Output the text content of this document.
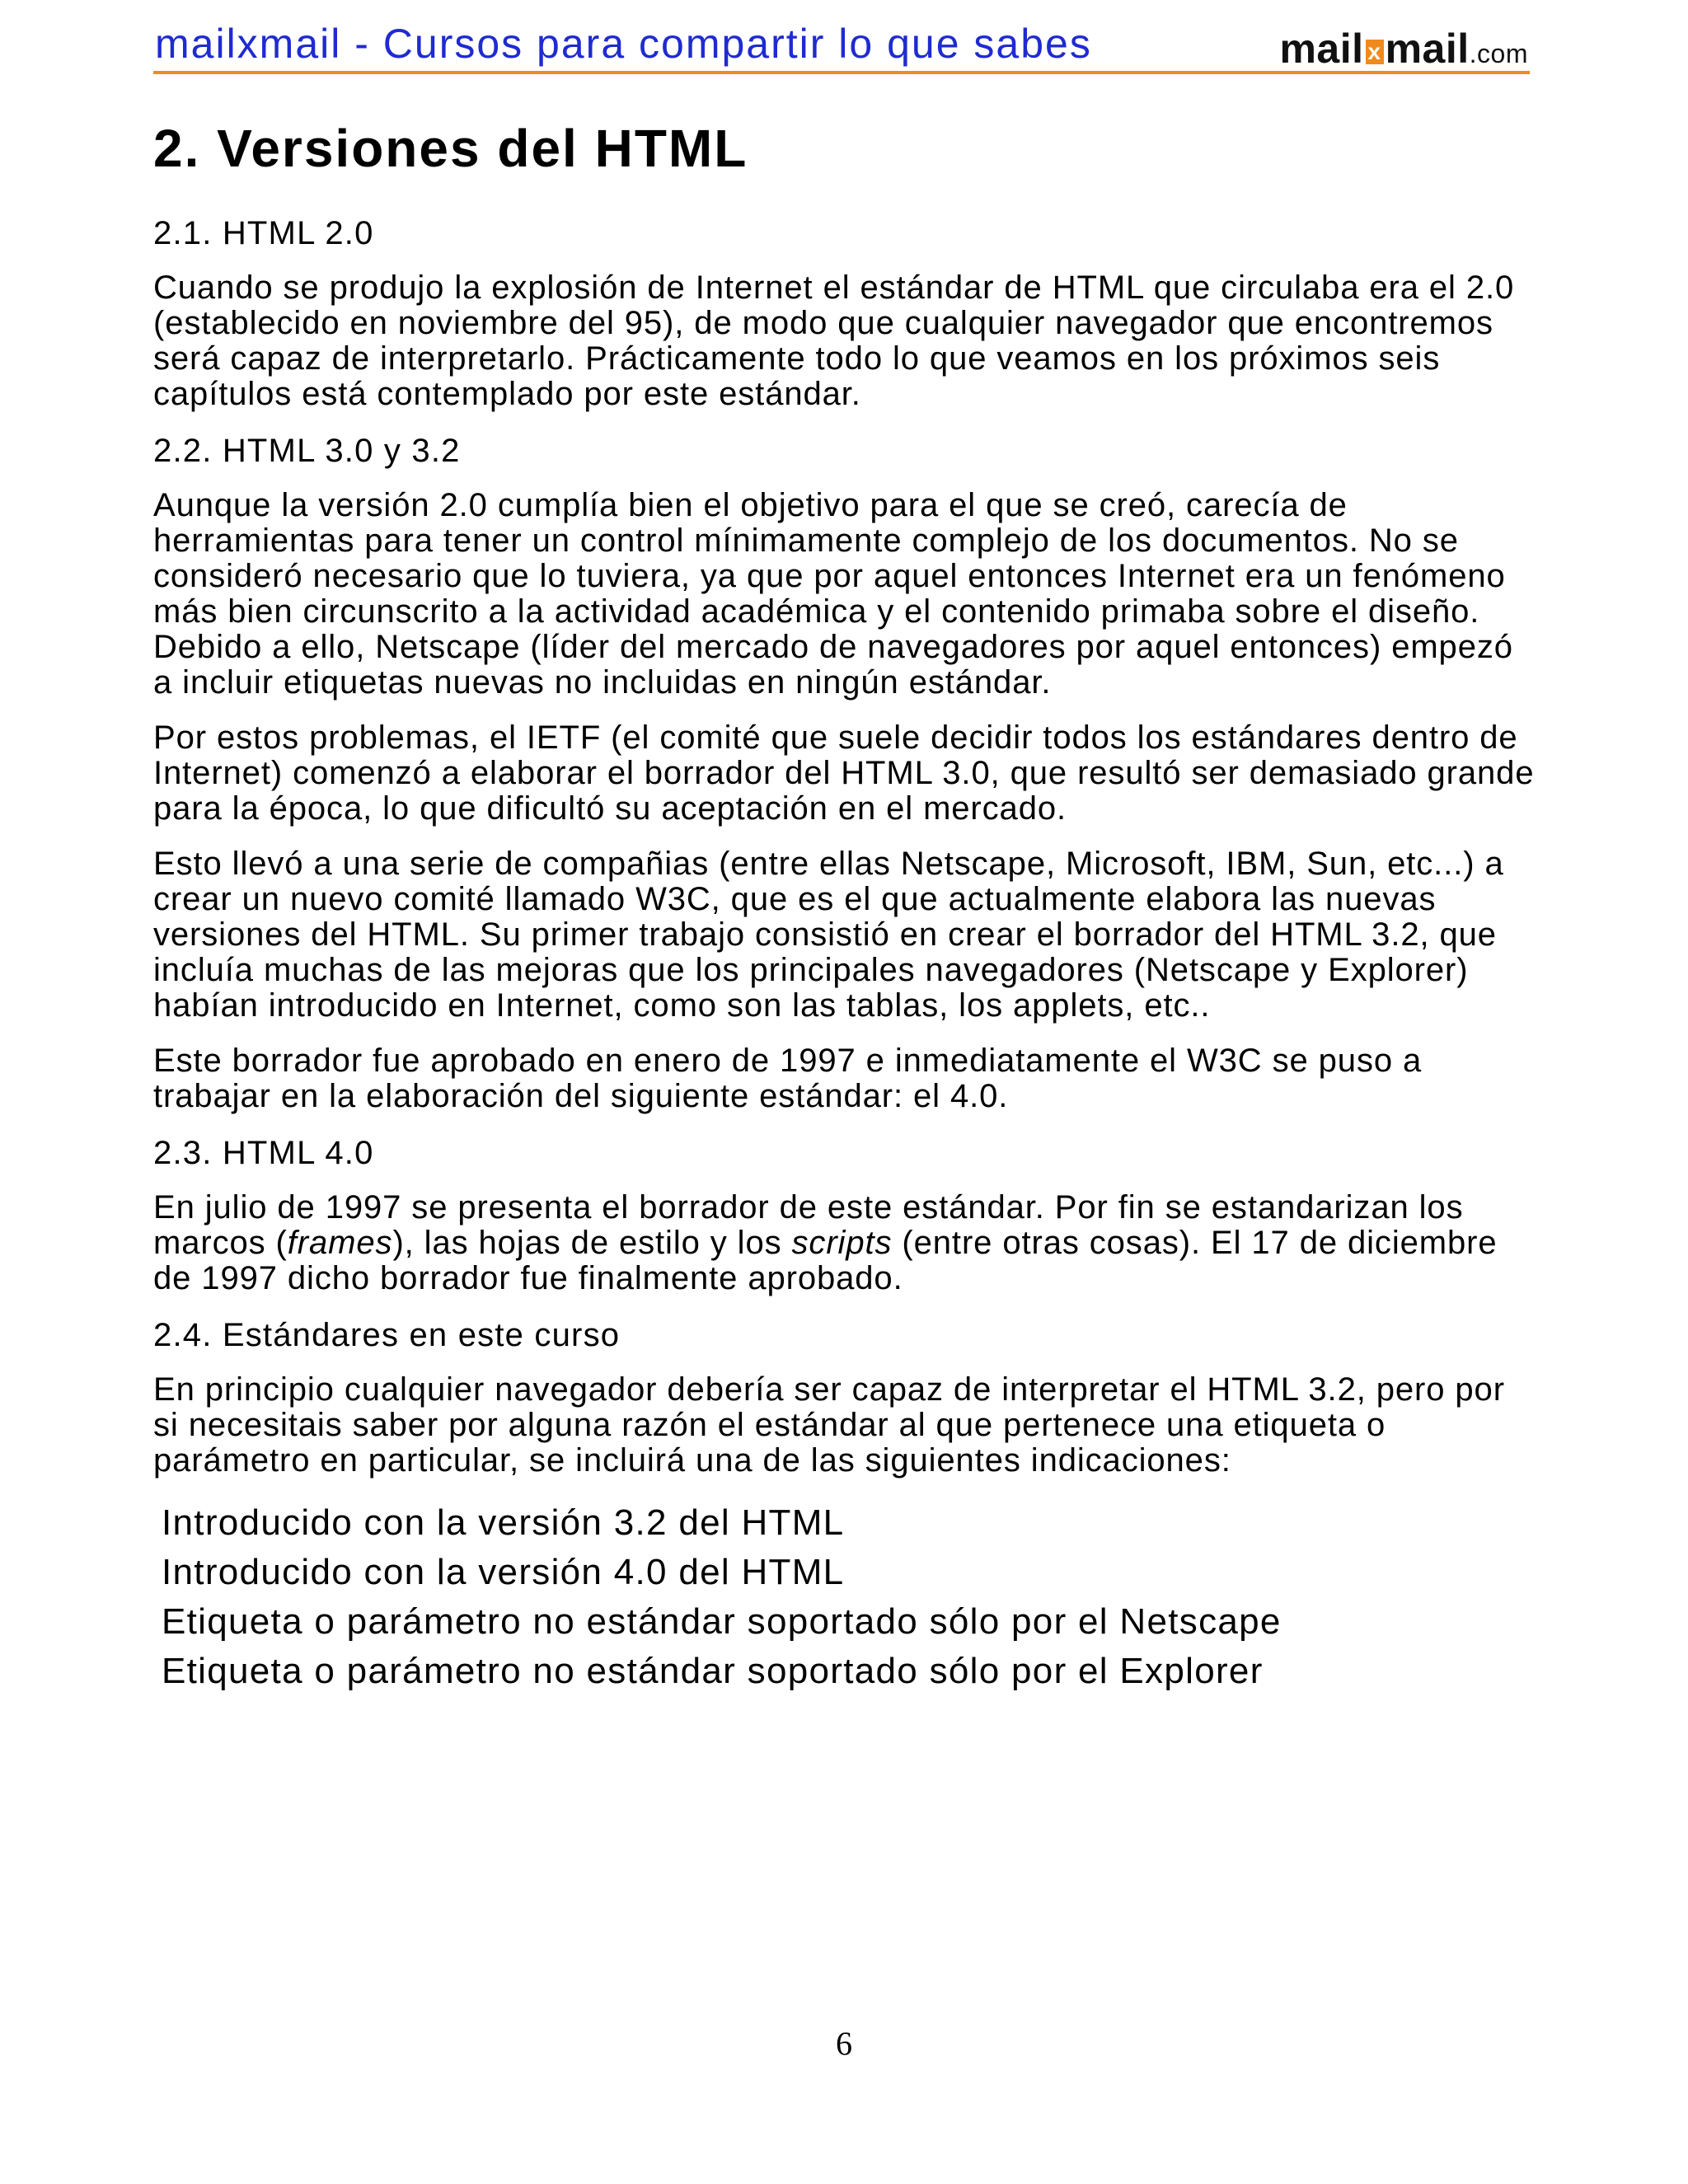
mailxmail - Cursos para compartir lo que sabes	mail x mail.com
2. Versiones del HTML
2.1. HTML 2.0

Cuando se produjo la explosión de Internet el estándar de HTML que circulaba era el 2.0 (establecido en noviembre del 95), de modo que cualquier navegador que encontremos será capaz de interpretarlo. Prácticamente todo lo que veamos en los próximos seis capítulos está contemplado por este estándar.

2.2. HTML 3.0 y 3.2

Aunque la versión 2.0 cumplía bien el objetivo para el que se creó, carecía de herramientas para tener un control mínimamente complejo de los documentos. No se consideró necesario que lo tuviera, ya que por aquel entonces Internet era un fenómeno más bien circunscrito a la actividad académica y el contenido primaba sobre el diseño. Debido a ello, Netscape (líder del mercado de navegadores por aquel entonces) empezó a incluir etiquetas nuevas no incluidas en ningún estándar.

Por estos problemas, el IETF (el comité que suele decidir todos los estándares dentro de Internet) comenzó a elaborar el borrador del HTML 3.0, que resultó ser demasiado grande para la época, lo que dificultó su aceptación en el mercado.

Esto llevó a una serie de compañias (entre ellas Netscape, Microsoft, IBM, Sun, etc...) a crear un nuevo comité llamado W3C, que es el que actualmente elabora las nuevas versiones del HTML. Su primer trabajo consistió en crear el borrador del HTML 3.2, que incluía muchas de las mejoras que los principales navegadores (Netscape y Explorer) habían introducido en Internet, como son las tablas, los applets, etc..

Este borrador fue aprobado en enero de 1997 e inmediatamente el W3C se puso a trabajar en la elaboración del siguiente estándar: el 4.0.

2.3. HTML 4.0

En julio de 1997 se presenta el borrador de este estándar. Por fin se estandarizan los marcos (frames), las hojas de estilo y los scripts (entre otras cosas). El 17 de diciembre de 1997 dicho borrador fue finalmente aprobado.

2.4. Estándares en este curso

En principio cualquier navegador debería ser capaz de interpretar el HTML 3.2, pero por si necesitais saber por alguna razón el estándar al que pertenece una etiqueta o parámetro en particular, se incluirá una de las siguientes indicaciones:

Introducido con la versión 3.2 del HTML
Introducido con la versión 4.0 del HTML
Etiqueta o parámetro no estándar soportado sólo por el Netscape
Etiqueta o parámetro no estándar soportado sólo por el Explorer
6
